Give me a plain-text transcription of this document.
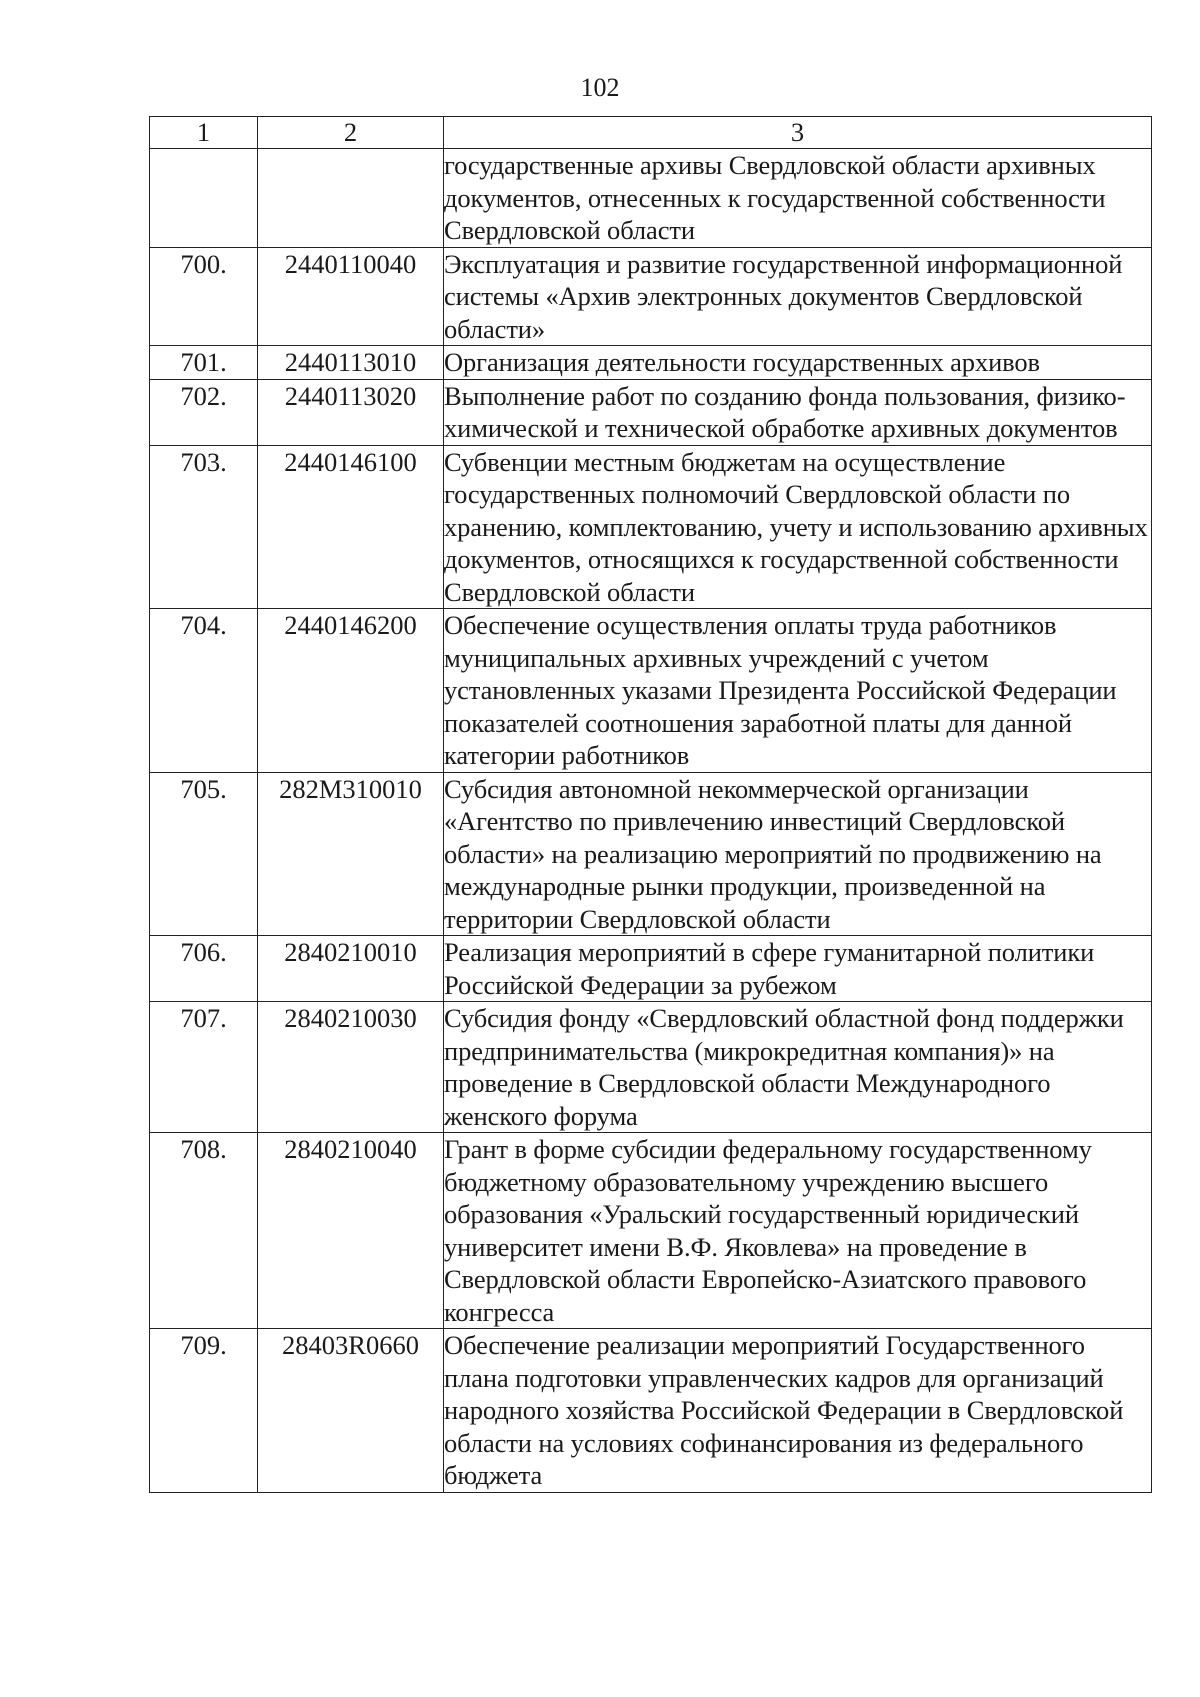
102
1	2	3
		государственные архивы Свердловской области архивных документов, отнесенных к государственной собственности Свердловской области
700.	2440110040	Эксплуатация и развитие государственной информационной системы «Архив электронных документов Свердловской области»
701.	2440113010	Организация деятельности государственных архивов
702.	2440113020	Выполнение работ по созданию фонда пользования, физико-химической и технической обработке архивных документов
703.	2440146100	Субвенции местным бюджетам на осуществление государственных полномочий Свердловской области по хранению, комплектованию, учету и использованию архивных документов, относящихся к государственной собственности Свердловской области
704.	2440146200	Обеспечение осуществления оплаты труда работников муниципальных архивных учреждений с учетом установленных указами Президента Российской Федерации показателей соотношения заработной платы для данной категории работников
705.	282M310010	Субсидия автономной некоммерческой организации «Агентство по привлечению инвестиций Свердловской области» на реализацию мероприятий по продвижению на международные рынки продукции, произведенной на территории Свердловской области
706.	2840210010	Реализация мероприятий в сфере гуманитарной политики Российской Федерации за рубежом
707.	2840210030	Субсидия фонду «Свердловский областной фонд поддержки предпринимательства (микрокредитная компания)» на проведение в Свердловской области Международного женского форума
708.	2840210040	Грант в форме субсидии федеральному государственному бюджетному образовательному учреждению высшего образования «Уральский государственный юридический университет имени В.Ф. Яковлева» на проведение в Свердловской области Европейско-Азиатского правового конгресса
709.	28403R0660	Обеспечение реализации мероприятий Государственного плана подготовки управленческих кадров для организаций народного хозяйства Российской Федерации в Свердловской области на условиях софинансирования из федерального бюджета
